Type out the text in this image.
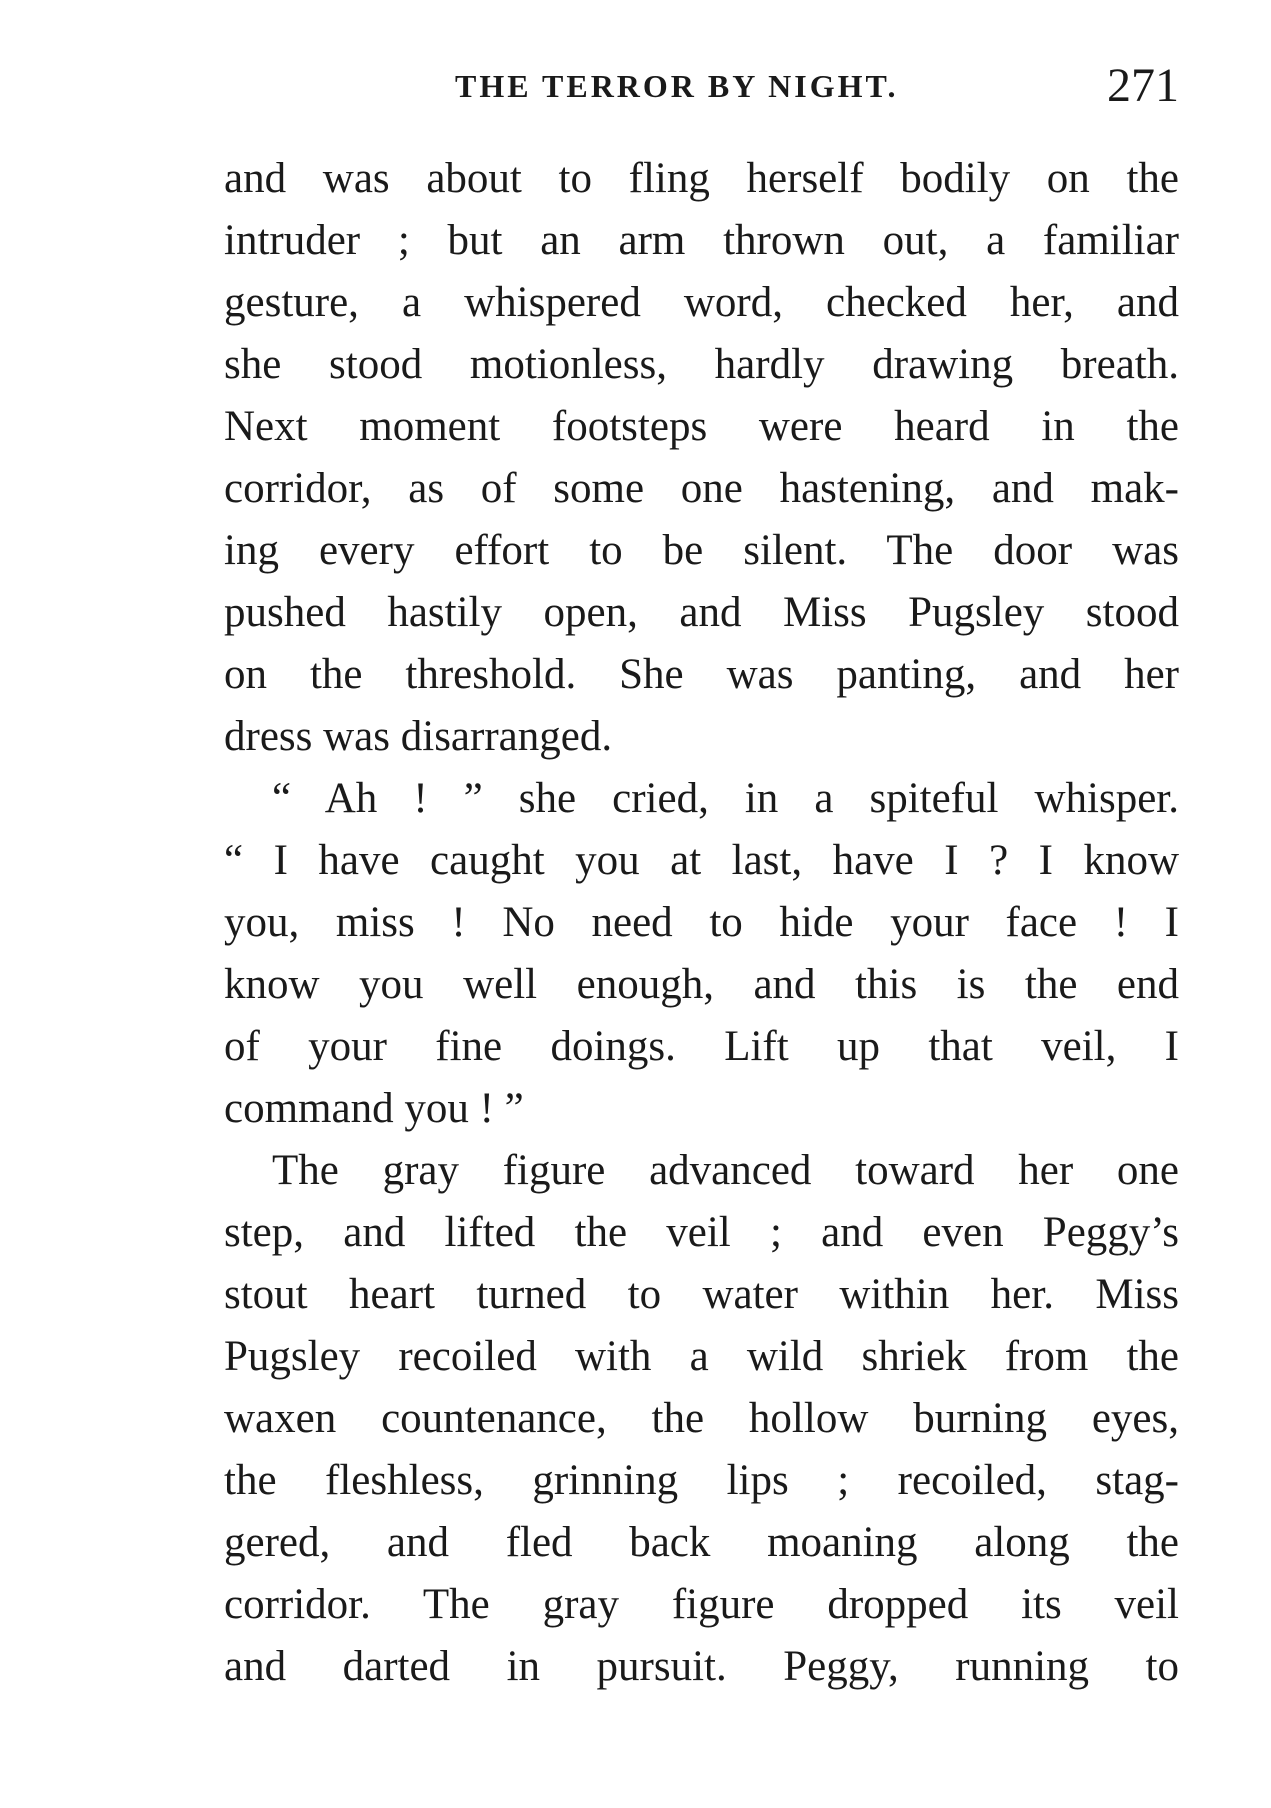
THE TERROR BY NIGHT.	271
and was about to fling herself bodily on the
intruder ; but an arm thrown out, a familiar
gesture, a whispered word, checked her, and
she stood motionless, hardly drawing breath.
Next moment footsteps were heard in the
corridor, as of some one hastening, and mak-
ing every effort to be silent. The door was
pushed hastily open, and Miss Pugsley stood
on the threshold. She was panting, and her
dress was disarranged.
“ Ah ! ” she cried, in a spiteful whisper.
“ I have caught you at last, have I ? I know
you, miss ! No need to hide your face ! I
know you well enough, and this is the end
of your fine doings. Lift up that veil, I
command you ! ”
The gray figure advanced toward her one
step, and lifted the veil ; and even Peggy’s
stout heart turned to water within her. Miss
Pugsley recoiled with a wild shriek from the
waxen countenance, the hollow burning eyes,
the fleshless, grinning lips ; recoiled, stag-
gered, and fled back moaning along the
corridor. The gray figure dropped its veil
and darted in pursuit. Peggy, running to
